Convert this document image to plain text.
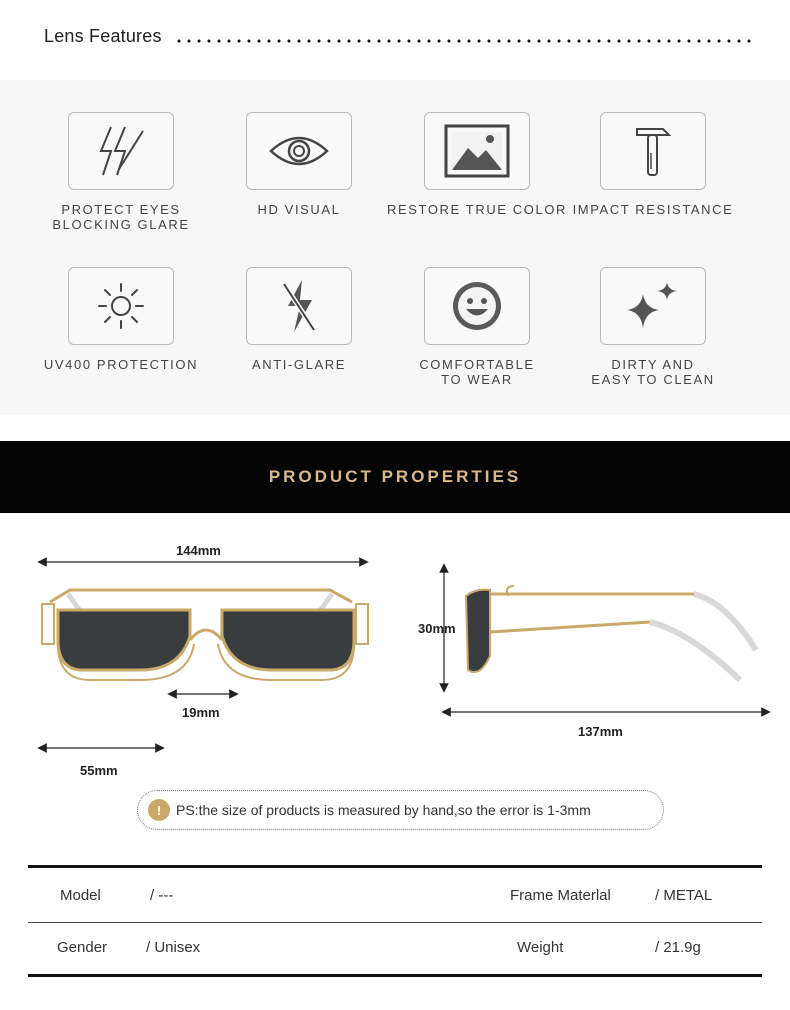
Lens Features
PROTECT EYES
BLOCKING GLARE
HD VISUAL	RESTORE TRUE COLOR IMPACT RESISTANCE
UV400 PROTECTION	ANTI-GLARE	COMFORTABLE
TO WEAR
DIRTY AND
EASY TO CLEAN
PRODUCT PROPERTIES
144mm
19mm
55mm
30mm
137mm
!	PS:the size of products is measured by hand,so the error is 1-3mm
Model	/ ---	Frame Materlal	/ METAL
Gender	/ Unisex	Weight	/ 21.9g
